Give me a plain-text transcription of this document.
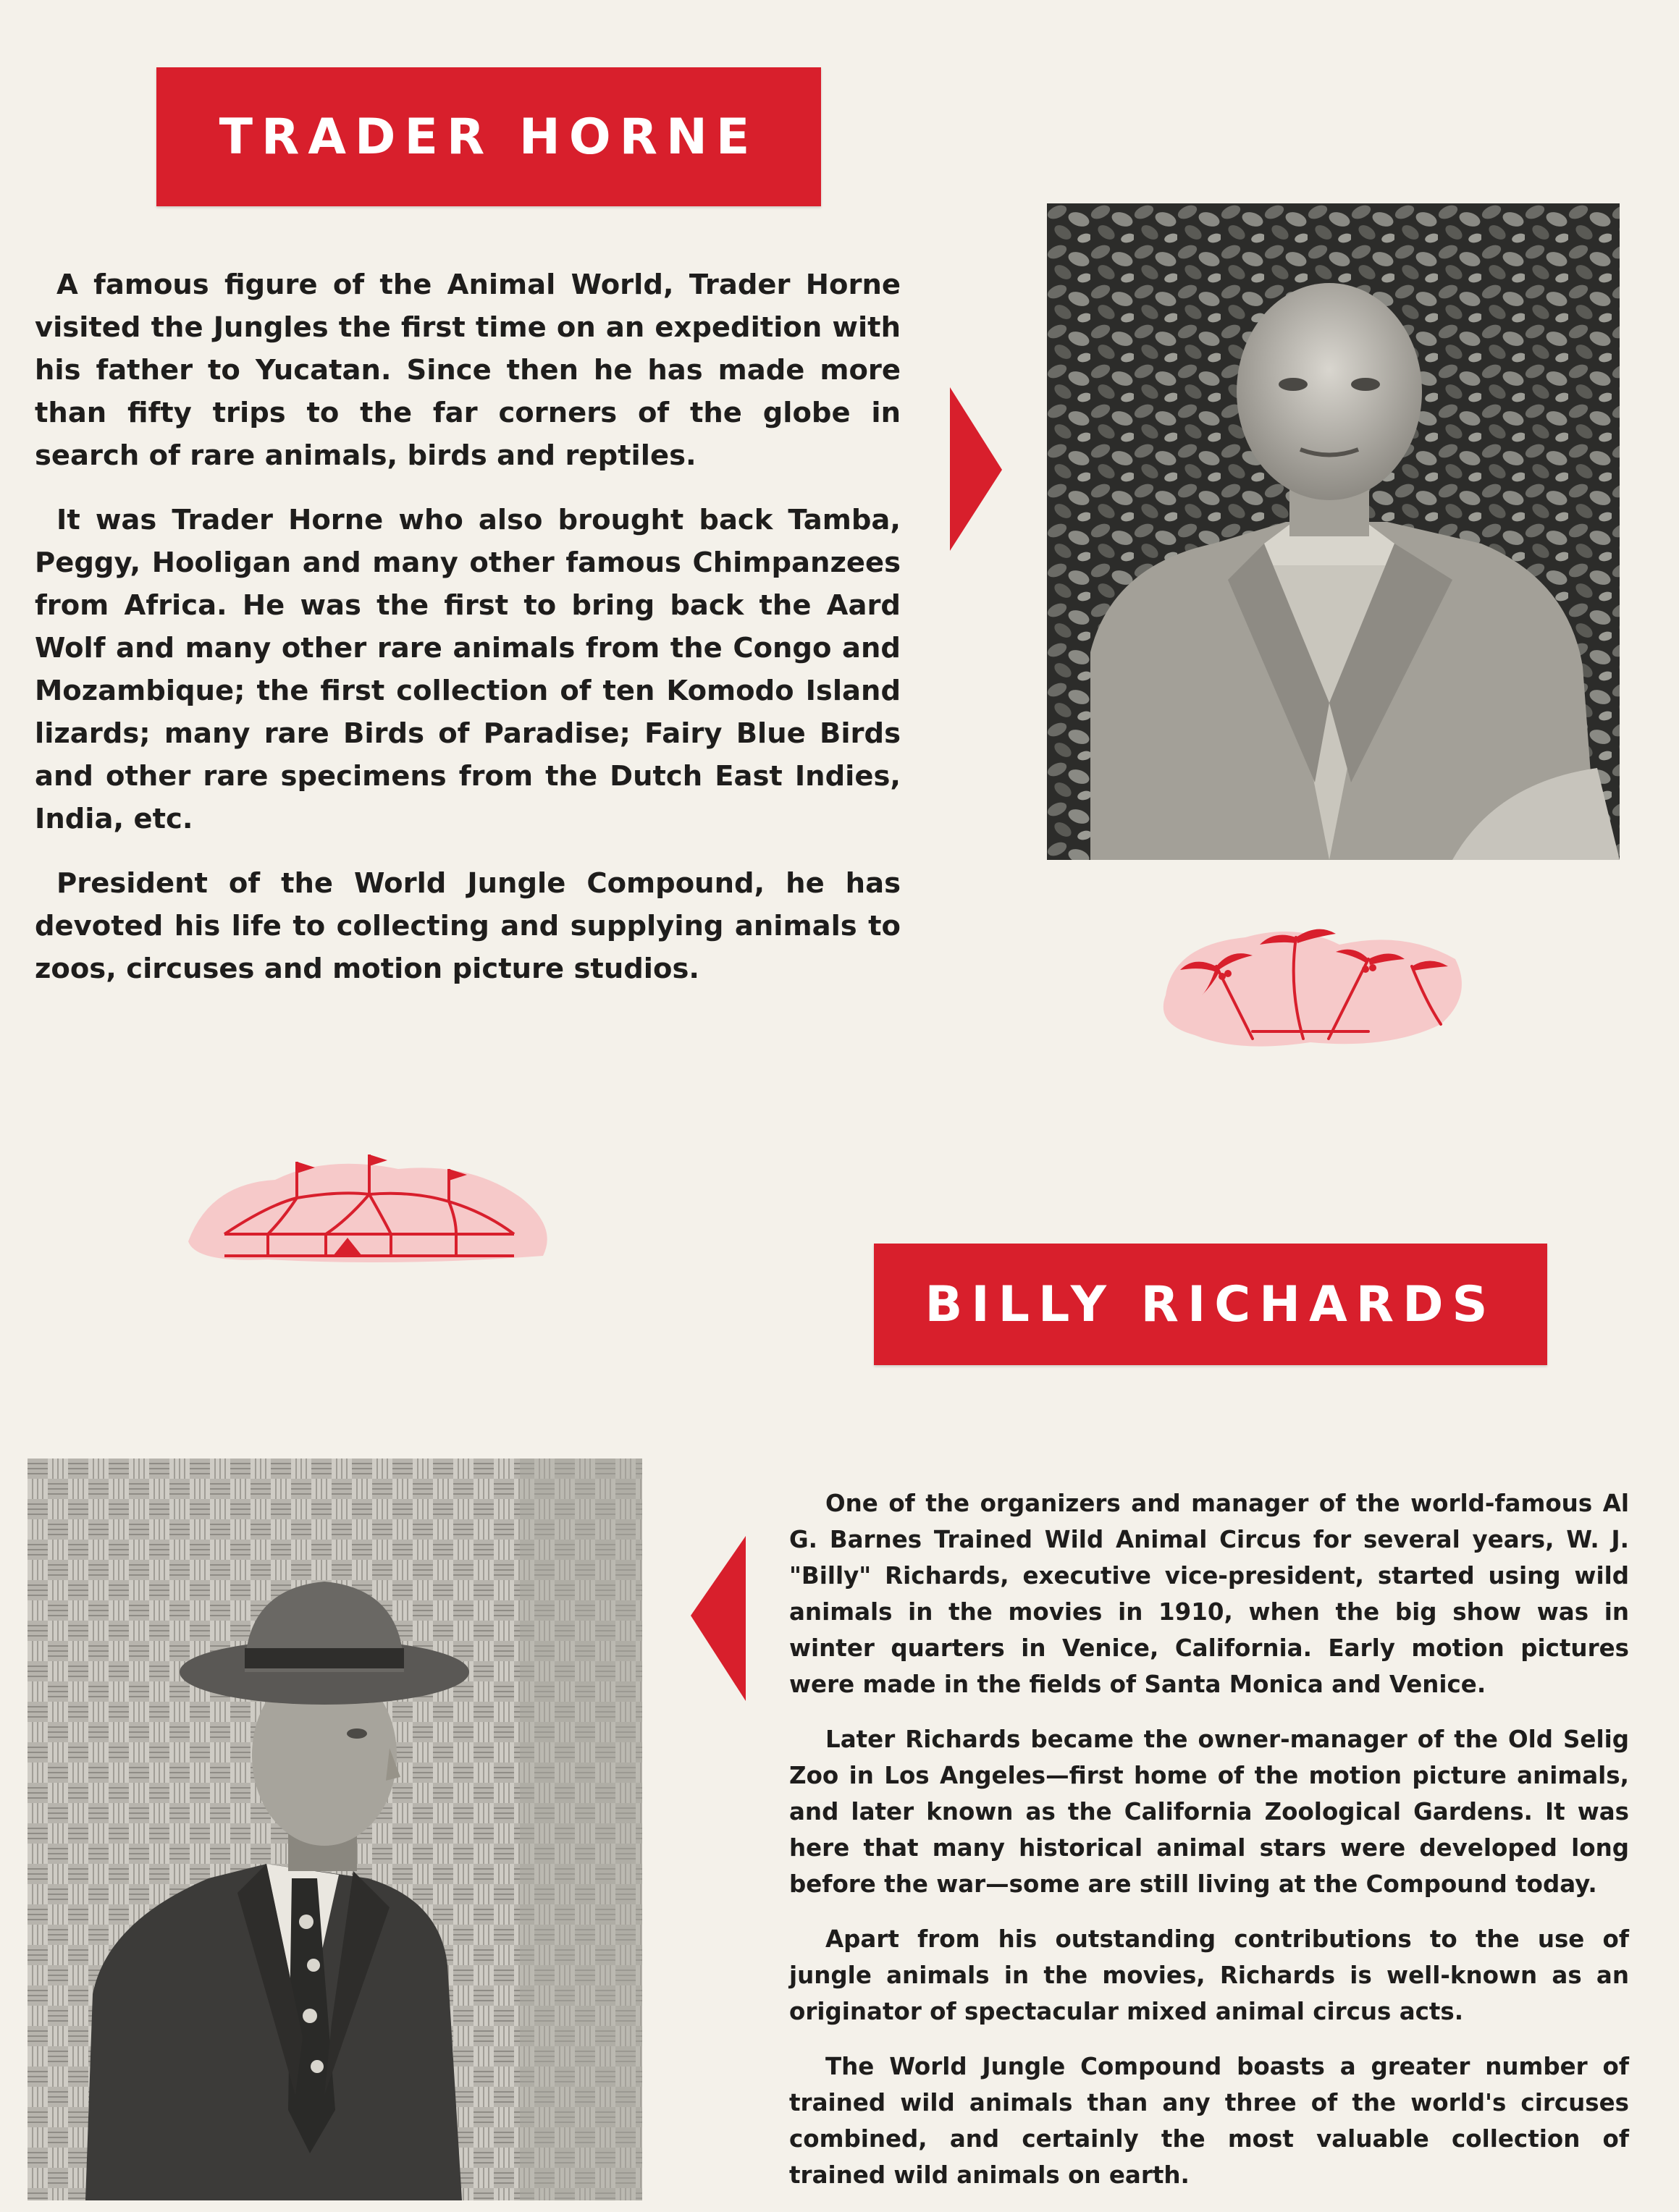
TRADER HORNE

A famous figure of the Animal World, Trader Horne visited the Jungles the first time on an expedition with his father to Yucatan. Since then he has made more than fifty trips to the far corners of the globe in search of rare animals, birds and reptiles.

It was Trader Horne who also brought back Tamba, Peggy, Hooligan and many other famous Chimpanzees from Africa. He was the first to bring back the Aard Wolf and many other rare animals from the Congo and Mozambique; the first collection of ten Komodo Island lizards; many rare Birds of Paradise; Fairy Blue Birds and other rare specimens from the Dutch East Indies, India, etc.

President of the World Jungle Compound, he has devoted his life to collecting and supplying animals to zoos, circuses and motion picture studios.

BILLY RICHARDS

One of the organizers and manager of the world-famous Al G. Barnes Trained Wild Animal Circus for several years, W. J. "Billy" Richards, executive vice-president, started using wild animals in the movies in 1910, when the big show was in winter quarters in Venice, California. Early motion pictures were made in the fields of Santa Monica and Venice.

Later Richards became the owner-manager of the Old Selig Zoo in Los Angeles—first home of the motion picture animals, and later known as the California Zoological Gardens. It was here that many historical animal stars were developed long before the war—some are still living at the Compound today.

Apart from his outstanding contributions to the use of jungle animals in the movies, Richards is well-known as an originator of spectacular mixed animal circus acts.

The World Jungle Compound boasts a greater number of trained wild animals than any three of the world's circuses combined, and certainly the most valuable collection of trained wild animals on earth.
